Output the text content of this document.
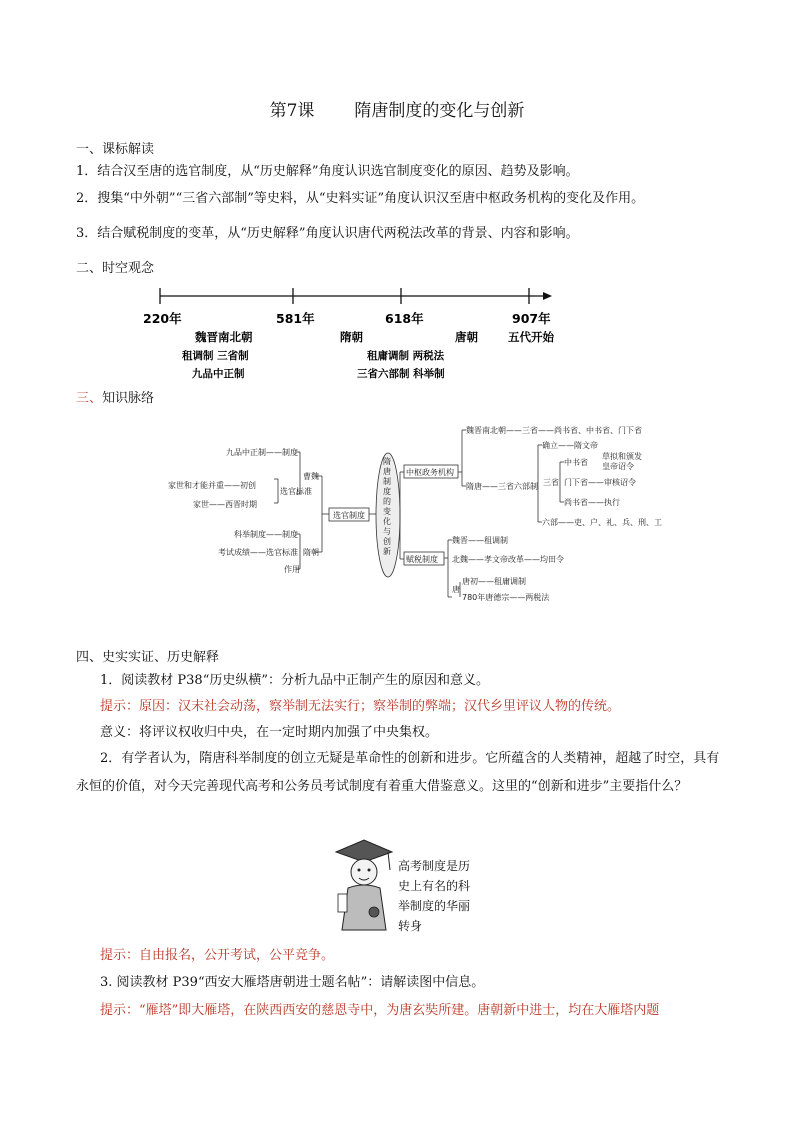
第7课 隋唐制度的变化与创新
一、课标解读
1．结合汉至唐的选官制度，从“历史解释”角度认识选官制度变化的原因、趋势及影响。
2．搜集“中外朝”“三省六部制”等史料，从“史料实证”角度认识汉至唐中枢政务机构的变化及作用。
3．结合赋税制度的变革，从“历史解释”角度认识唐代两税法改革的背景、内容和影响。
二、时空观念
220年	581年	618年	907年
魏晋南北朝	隋朝	唐朝	五代开始
租调制 三省制
九品中正制
租庸调制 两税法
三省六部制 科举制
三、知识脉络
隋
唐
制
度
的
变
化
与
创
新
选官制度
曹魏
隋朝
九品中正制——制度
家世和才能并重——初创
选官标准
家世——西晋时期
科举制度——制度
考试成绩——选官标准
作用
中枢政务机构
魏晋南北朝——三省——尚书省、中书省、门下省
隋唐——三省六部制
确立——隋文帝
三省
中书省
草拟和颁发
皇帝诏令
门下省——审核诏令
尚书省——执行
六部——吏、户、礼、兵、刑、工
赋税制度
魏晋——租调制
北魏——孝文帝改革——均田令
唐
唐初——租庸调制
780年唐德宗——两税法
四、史实实证、历史解释
1．阅读教材 P38“历史纵横”：分析九品中正制产生的原因和意义。
提示：原因：汉末社会动荡，察举制无法实行；察举制的弊端；汉代乡里评议人物的传统。
意义：将评议权收归中央，在一定时期内加强了中央集权。
2．有学者认为，隋唐科举制度的创立无疑是革命性的创新和进步。它所蕴含的人类精神，超越了时空，具有永恒的价值，对今天完善现代高考和公务员考试制度有着重大借鉴意义。这里的“创新和进步”主要指什么？
高考制度是历
史上有名的科
举制度的华丽
转身
提示：自由报名，公开考试，公平竞争。
3. 阅读教材 P39“西安大雁塔唐朝进士题名帖”：请解读图中信息。
提示：“雁塔”即大雁塔，在陕西西安的慈恩寺中，为唐玄奘所建。唐朝新中进士，均在大雁塔内题
